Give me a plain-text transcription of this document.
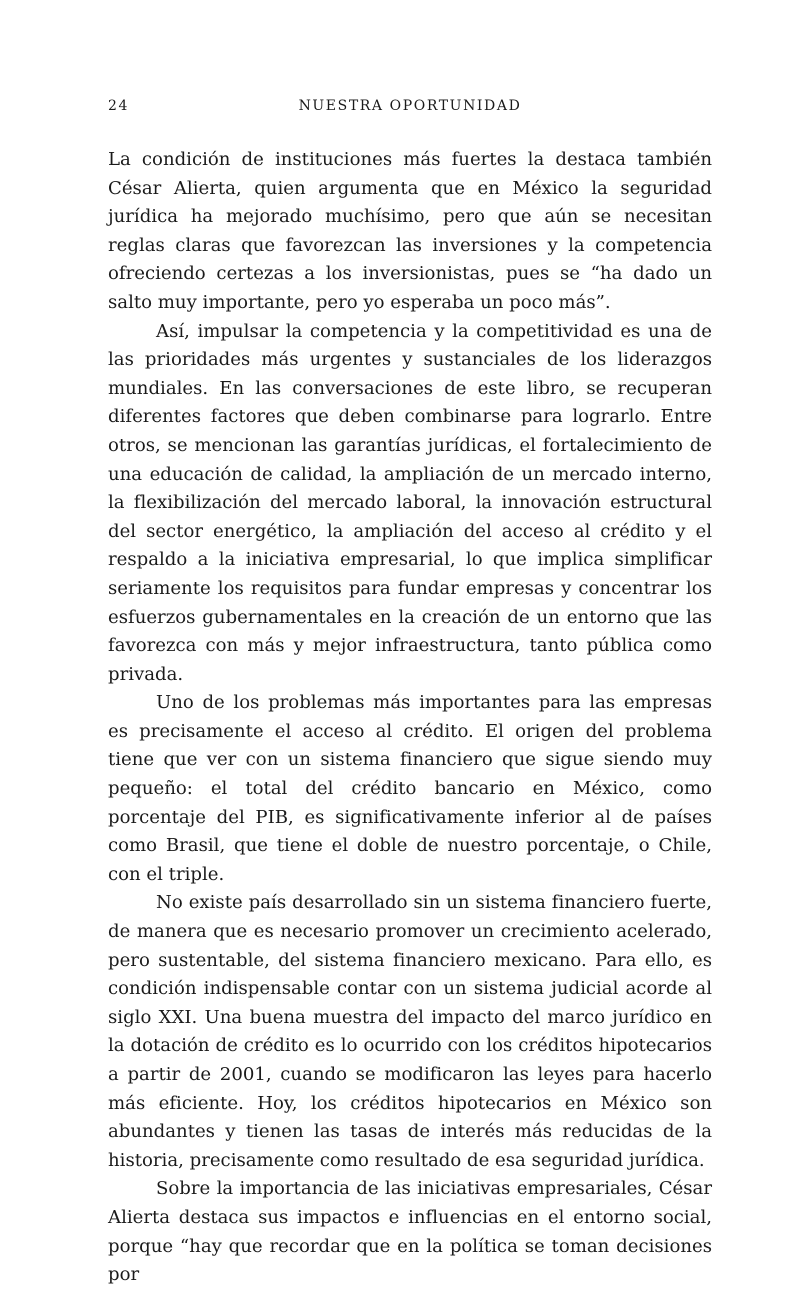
24	NUESTRA OPORTUNIDAD

La condición de instituciones más fuertes la destaca también César Alierta, quien argumenta que en México la seguridad jurídica ha mejorado muchísimo, pero que aún se necesitan reglas claras que favorezcan las inversiones y la competencia ofreciendo certezas a los inversionistas, pues se “ha dado un salto muy importante, pero yo esperaba un poco más”.

Así, impulsar la competencia y la competitividad es una de las prioridades más urgentes y sustanciales de los liderazgos mundiales. En las conversaciones de este libro, se recuperan diferentes factores que deben combinarse para lograrlo. Entre otros, se mencionan las garantías jurídicas, el fortalecimiento de una educación de calidad, la ampliación de un mercado interno, la flexibilización del mercado laboral, la innovación estructural del sector energético, la ampliación del acceso al crédito y el respaldo a la iniciativa empresarial, lo que implica simplificar seriamente los requisitos para fundar empresas y concentrar los esfuerzos gubernamentales en la creación de un entorno que las favorezca con más y mejor infraestructura, tanto pública como privada.

Uno de los problemas más importantes para las empresas es precisamente el acceso al crédito. El origen del problema tiene que ver con un sistema financiero que sigue siendo muy pequeño: el total del crédito bancario en México, como porcentaje del PIB, es significativamente inferior al de países como Brasil, que tiene el doble de nuestro porcentaje, o Chile, con el triple.

No existe país desarrollado sin un sistema financiero fuerte, de manera que es necesario promover un crecimiento acelerado, pero sustentable, del sistema financiero mexicano. Para ello, es condición indispensable contar con un sistema judicial acorde al siglo XXI. Una buena muestra del impacto del marco jurídico en la dotación de crédito es lo ocurrido con los créditos hipotecarios a partir de 2001, cuando se modificaron las leyes para hacerlo más eficiente. Hoy, los créditos hipotecarios en México son abundantes y tienen las tasas de interés más reducidas de la historia, precisamente como resultado de esa seguridad jurídica.

Sobre la importancia de las iniciativas empresariales, César Alierta destaca sus impactos e influencias en el entorno social, porque “hay que recordar que en la política se toman decisiones por
